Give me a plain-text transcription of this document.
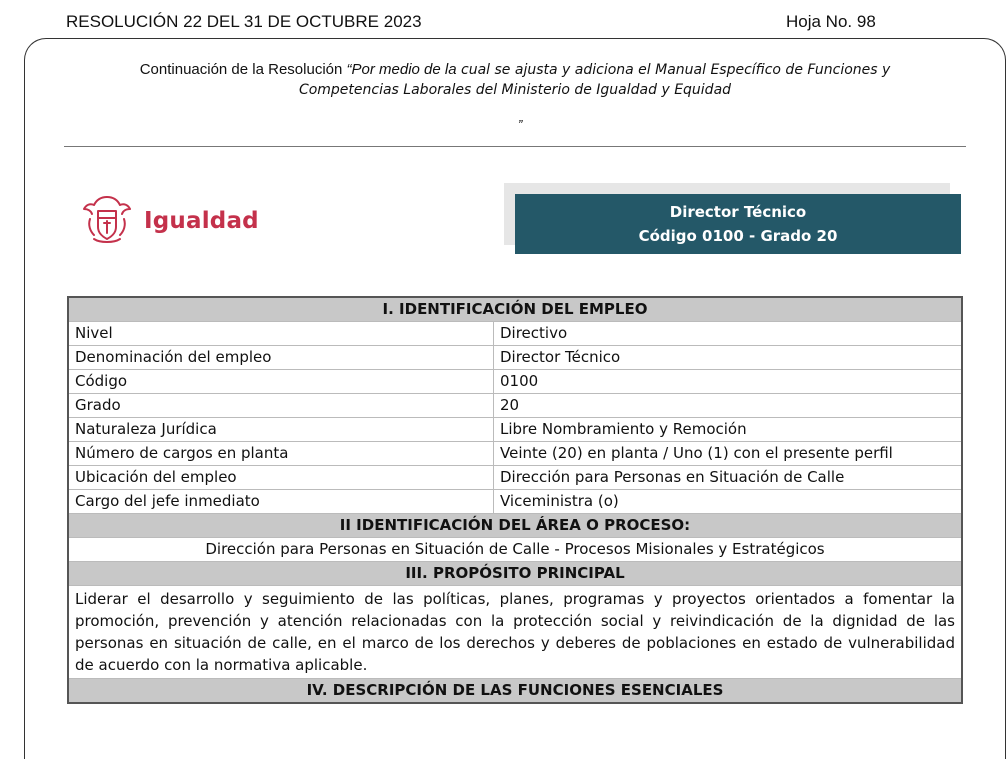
RESOLUCIÓN 22 DEL 31 DE OCTUBRE 2023	Hoja No. 98
Continuación de la Resolución “Por medio de la cual se ajusta y adiciona el Manual Específico de Funciones y
Competencias Laborales del Ministerio de Igualdad y Equidad
”
Igualdad	Director Técnico
Código 0100 - Grado 20
I. IDENTIFICACIÓN DEL EMPLEO	
Nivel	Directivo
Denominación del empleo	Director Técnico
Código	0100
Grado	20
Naturaleza Jurídica	Libre Nombramiento y Remoción
Número de cargos en planta	Veinte (20) en planta / Uno (1) con el presente perfil
Ubicación del empleo	Dirección para Personas en Situación de Calle
Cargo del jefe inmediato	Viceministra (o)
II IDENTIFICACIÓN DEL ÁREA O PROCESO:	
Dirección para Personas en Situación de Calle - Procesos Misionales y Estratégicos	
III. PROPÓSITO PRINCIPAL	
Liderar el desarrollo y seguimiento de las políticas, planes, programas y proyectos orientados a fomentar la promoción, prevención y atención relacionadas con la protección social y reivindicación de la dignidad de las personas en situación de calle, en el marco de los derechos y deberes de poblaciones en estado de vulnerabilidad de acuerdo con la normativa aplicable.	
IV. DESCRIPCIÓN DE LAS FUNCIONES ESENCIALES	
